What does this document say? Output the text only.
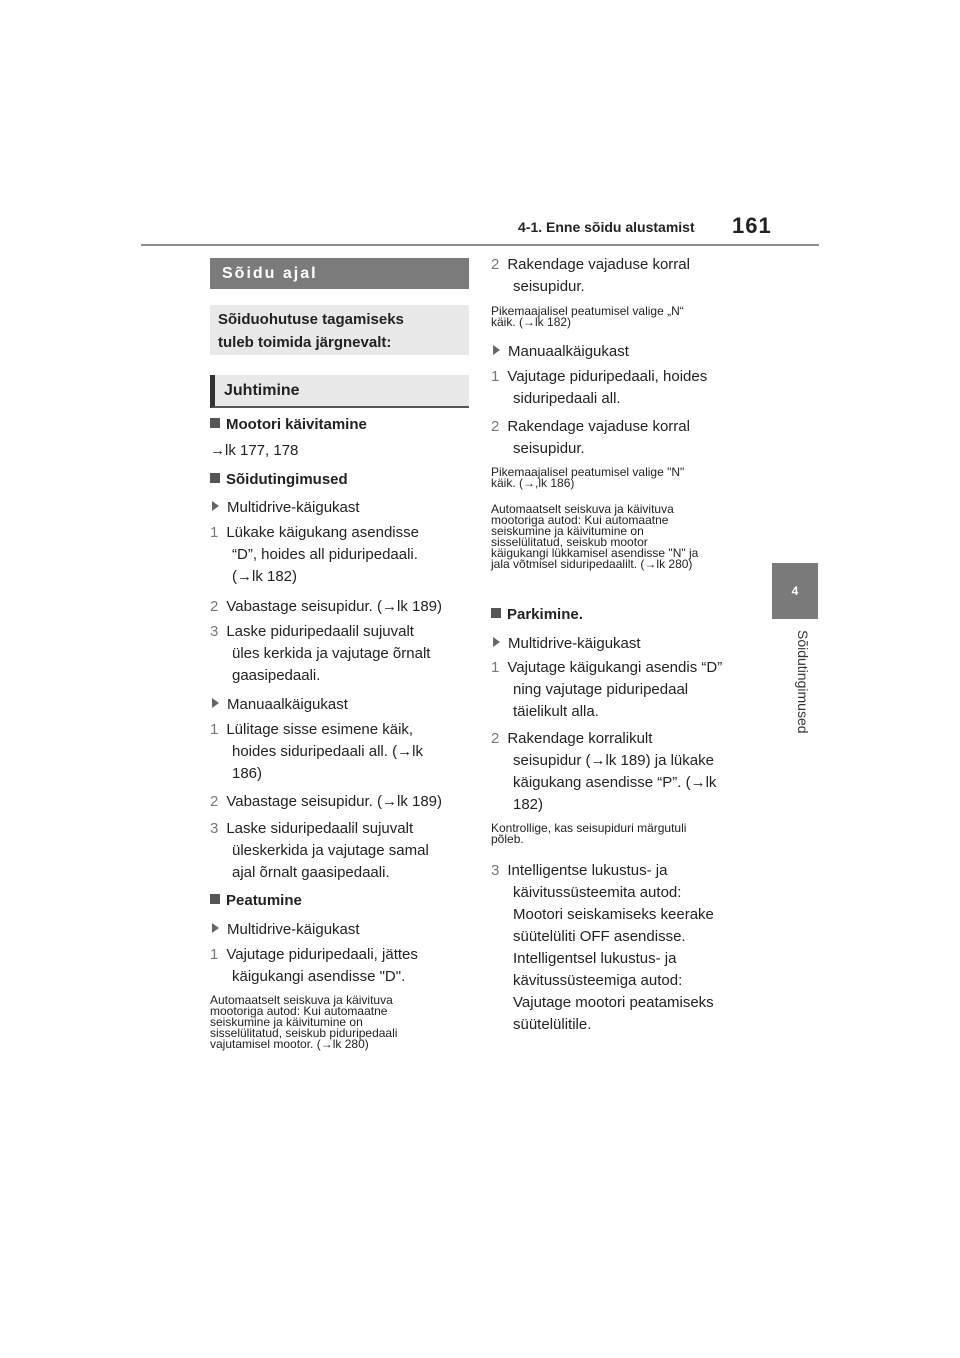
4-1. Enne sõidu alustamist 161
4
Sõidutingimused
Sõidu ajal
Sõiduohutuse tagamiseks
tuleb toimida järgnevalt:
Juhtimine
Mootori käivitamine
→lk 177, 178
Sõidutingimused
Multidrive-käigukast
1 Lükake käigukang asendisse
“D”, hoides all piduripedaali.
(→lk 182)
2 Vabastage seisupidur. (→lk 189)
3 Laske piduripedaalil sujuvalt
üles kerkida ja vajutage õrnalt
gaasipedaali.
Manuaalkäigukast
1 Lülitage sisse esimene käik,
hoides siduripedaali all. (→lk
186)
2 Vabastage seisupidur. (→lk 189)
3 Laske siduripedaalil sujuvalt
üleskerkida ja vajutage samal
ajal õrnalt gaasipedaali.
Peatumine
Multidrive-käigukast
1 Vajutage piduripedaali, jättes
käigukangi asendisse "D".
Automaatselt seiskuva ja käivituva
mootoriga autod: Kui automaatne
seiskumine ja käivitumine on
sisselülitatud, seiskub piduripedaali
vajutamisel mootor. (→lk 280)
2 Rakendage vajaduse korral
seisupidur.
Pikemaajalisel peatumisel valige „N“
käik. (→lk 182)
Manuaalkäigukast
1 Vajutage piduripedaali, hoides
siduripedaali all.
2 Rakendage vajaduse korral
seisupidur.
Pikemaajalisel peatumisel valige "N"
käik. (→,lk 186)
Automaatselt seiskuva ja käivituva
mootoriga autod: Kui automaatne
seiskumine ja käivitumine on
sisselülitatud, seiskub mootor
käigukangi lükkamisel asendisse "N" ja
jala võtmisel siduripedaalilt. (→lk 280)
Parkimine.
Multidrive-käigukast
1 Vajutage käigukangi asendis “D”
ning vajutage piduripedaal
täielikult alla.
2 Rakendage korralikult
seisupidur (→lk 189) ja lükake
käigukang asendisse “P”. (→lk
182)
Kontrollige, kas seisupiduri märgutuli
põleb.
3 Intelligentse lukustus- ja
käivitussüsteemita autod:
Mootori seiskamiseks keerake
süütelüliti OFF asendisse.
Intelligentsel lukustus- ja
kävitussüsteemiga autod:
Vajutage mootori peatamiseks
süütelülitile.
